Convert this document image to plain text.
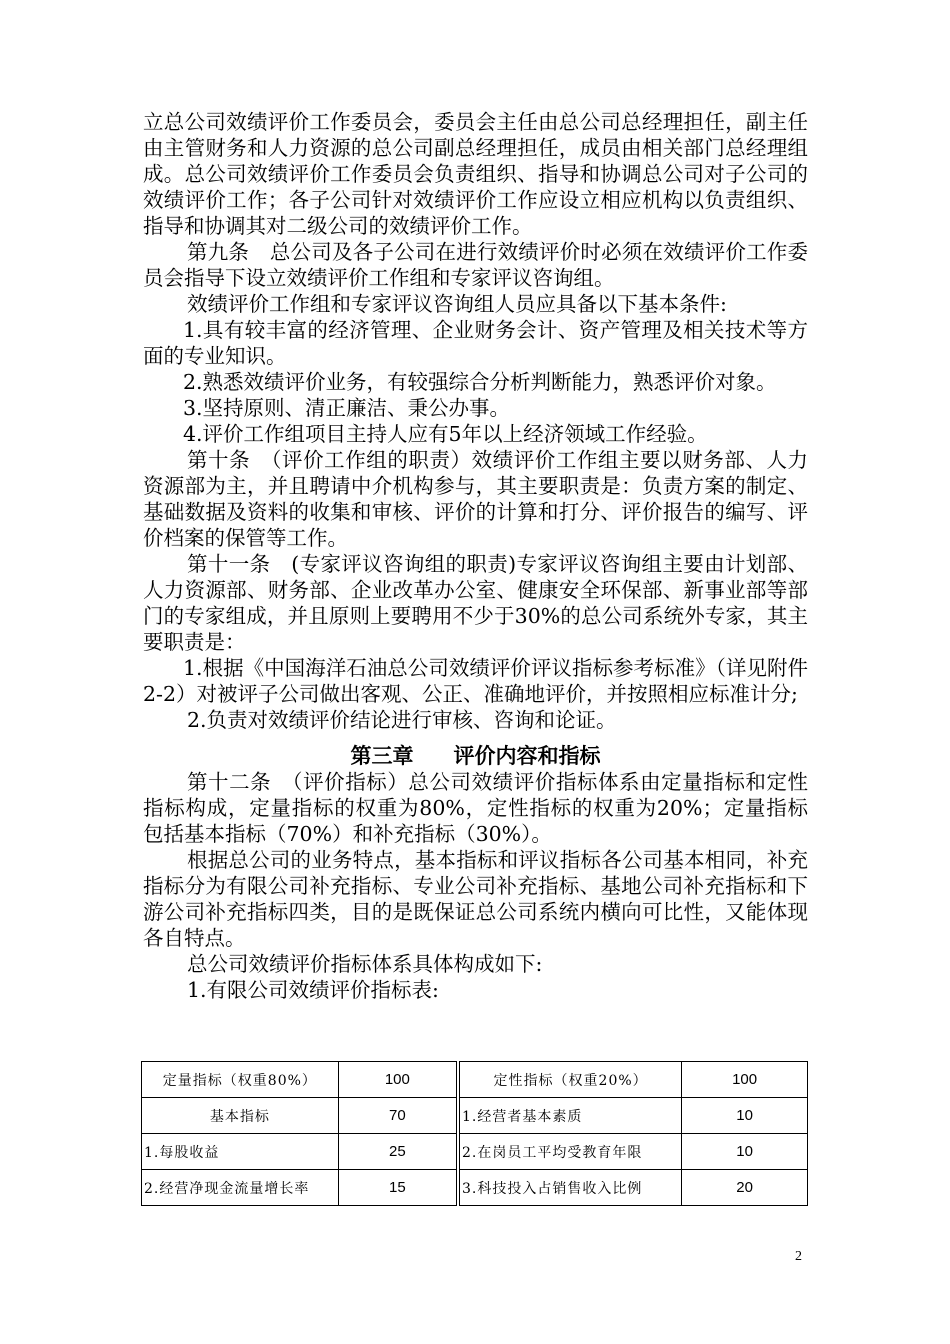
立总公司效绩评价工作委员会，委员会主任由总公司总经理担任，副主任由主管财务和人力资源的总公司副总经理担任，成员由相关部门总经理组成。总公司效绩评价工作委员会负责组织、指导和协调总公司对子公司的效绩评价工作；各子公司针对效绩评价工作应设立相应机构以负责组织、指导和协调其对二级公司的效绩评价工作。

第九条　总公司及各子公司在进行效绩评价时必须在效绩评价工作委员会指导下设立效绩评价工作组和专家评议咨询组。

效绩评价工作组和专家评议咨询组人员应具备以下基本条件:

1.具有较丰富的经济管理、企业财务会计、资产管理及相关技术等方面的专业知识。

2.熟悉效绩评价业务，有较强综合分析判断能力，熟悉评价对象。

3.坚持原则、清正廉洁、秉公办事。

4.评价工作组项目主持人应有5年以上经济领域工作经验。

第十条　（评价工作组的职责）效绩评价工作组主要以财务部、人力资源部为主，并且聘请中介机构参与，其主要职责是：负责方案的制定、基础数据及资料的收集和审核、评价的计算和打分、评价报告的编写、评价档案的保管等工作。

第十一条　(专家评议咨询组的职责)专家评议咨询组主要由计划部、人力资源部、财务部、企业改革办公室、健康安全环保部、新事业部等部门的专家组成，并且原则上要聘用不少于30%的总公司系统外专家，其主要职责是：

1.根据《中国海洋石油总公司效绩评价评议指标参考标准》（详见附件2-2）对被评子公司做出客观、公正、准确地评价，并按照相应标准计分;

2.负责对效绩评价结论进行审核、咨询和论证。

第三章 评价内容和指标

第十二条　（评价指标）总公司效绩评价指标体系由定量指标和定性指标构成，定量指标的权重为80%，定性指标的权重为20%；定量指标包括基本指标（70%）和补充指标（30%）。

根据总公司的业务特点，基本指标和评议指标各公司基本相同，补充指标分为有限公司补充指标、专业公司补充指标、基地公司补充指标和下游公司补充指标四类，目的是既保证总公司系统内横向可比性，又能体现各自特点。

总公司效绩评价指标体系具体构成如下:

1.有限公司效绩评价指标表:

定量指标（权重80%）	100	定性指标（权重20%）	100
基本指标	70	1.经营者基本素质	10
1.每股收益	25	2.在岗员工平均受教育年限	10
2.经营净现金流量增长率	15	3.科技投入占销售收入比例	20
2
